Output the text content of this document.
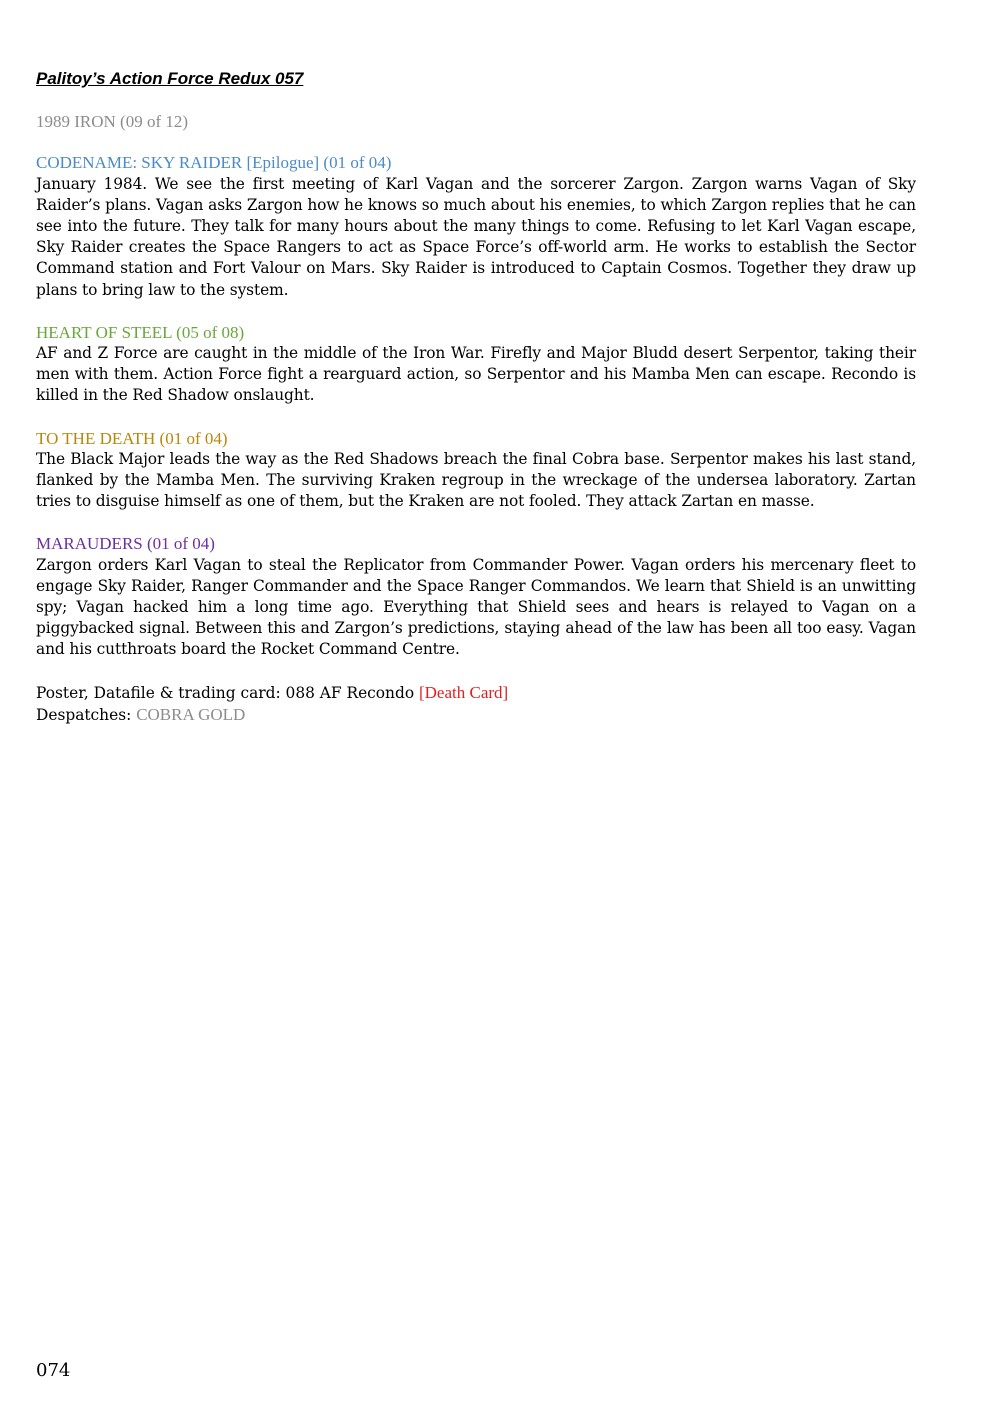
Palitoy’s Action Force Redux 057

1989 IRON (09 of 12)

CODENAME: SKY RAIDER [Epilogue] (01 of 04)

January 1984. We see the first meeting of Karl Vagan and the sorcerer Zargon. Zargon warns Vagan of Sky Raider’s plans. Vagan asks Zargon how he knows so much about his enemies, to which Zargon replies that he can see into the future. They talk for many hours about the many things to come. Refusing to let Karl Vagan escape, Sky Raider creates the Space Rangers to act as Space Force’s off-world arm. He works to establish the Sector Command station and Fort Valour on Mars. Sky Raider is introduced to Captain Cosmos. Together they draw up plans to bring law to the system.

HEART OF STEEL (05 of 08)

AF and Z Force are caught in the middle of the Iron War. Firefly and Major Bludd desert Serpentor, taking their men with them. Action Force fight a rearguard action, so Serpentor and his Mamba Men can escape. Recondo is killed in the Red Shadow onslaught.

TO THE DEATH (01 of 04)

The Black Major leads the way as the Red Shadows breach the final Cobra base. Serpentor makes his last stand, flanked by the Mamba Men. The surviving Kraken regroup in the wreckage of the undersea laboratory. Zartan tries to disguise himself as one of them, but the Kraken are not fooled. They attack Zartan en masse.

MARAUDERS (01 of 04)

Zargon orders Karl Vagan to steal the Replicator from Commander Power. Vagan orders his mercenary fleet to engage Sky Raider, Ranger Commander and the Space Ranger Commandos. We learn that Shield is an unwitting spy; Vagan hacked him a long time ago. Everything that Shield sees and hears is relayed to Vagan on a piggybacked signal. Between this and Zargon’s predictions, staying ahead of the law has been all too easy. Vagan and his cutthroats board the Rocket Command Centre.

Poster, Datafile & trading card: 088 AF Recondo [Death Card]

Despatches: COBRA GOLD

074
